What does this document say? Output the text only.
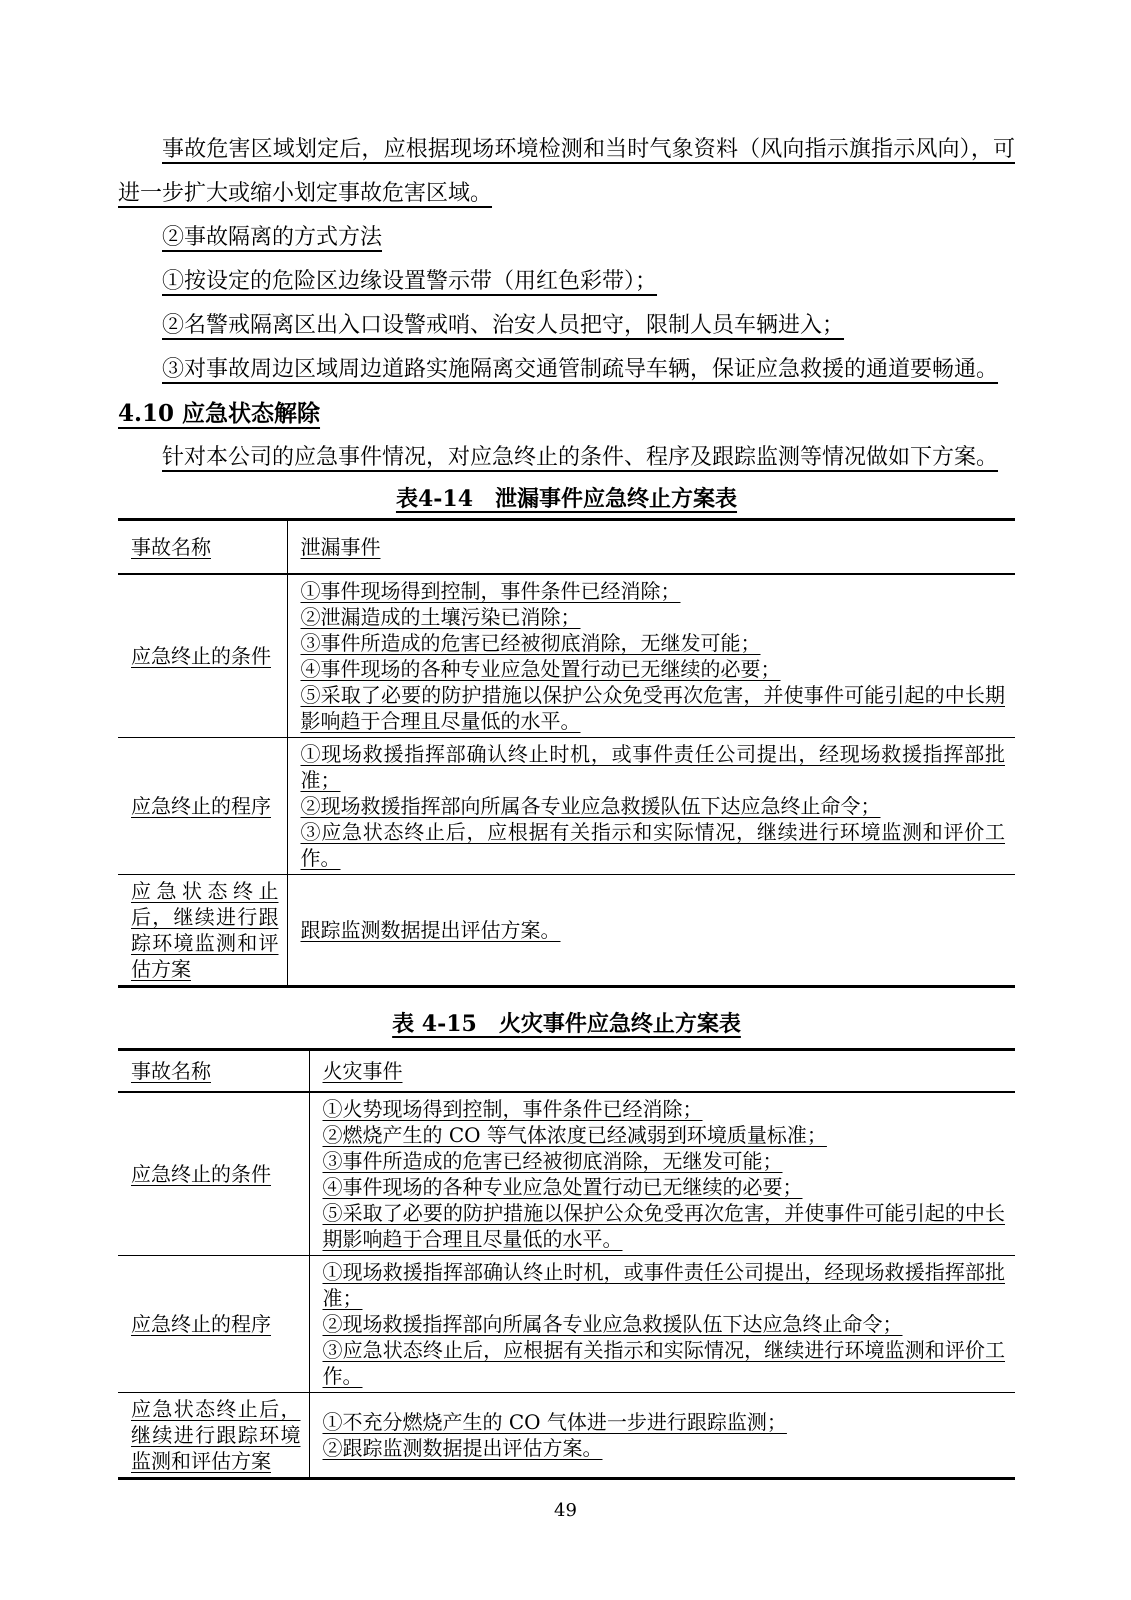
事故危害区域划定后，应根据现场环境检测和当时气象资料（风向指示旗指示风向），可进一步扩大或缩小划定事故危害区域。

②事故隔离的方式方法

①按设定的危险区边缘设置警示带（用红色彩带）；

②名警戒隔离区出入口设警戒哨、治安人员把守，限制人员车辆进入；

③对事故周边区域周边道路实施隔离交通管制疏导车辆，保证应急救援的通道要畅通。

4.10 应急状态解除

针对本公司的应急事件情况，对应急终止的条件、程序及跟踪监测等情况做如下方案。

表4-14　泄漏事件应急终止方案表
事故名称	泄漏事件

应急终止的条件	①事件现场得到控制，事件条件已经消除；
②泄漏造成的土壤污染已消除；
③事件所造成的危害已经被彻底消除，无继发可能；
④事件现场的各种专业应急处置行动已无继续的必要；
⑤采取了必要的防护措施以保护公众免受再次危害，并使事件可能引起的中长期影响趋于合理且尽量低的水平。

应急终止的程序	①现场救援指挥部确认终止时机，或事件责任公司提出，经现场救援指挥部批准；
②现场救援指挥部向所属各专业应急救援队伍下达应急终止命令；
③应急状态终止后，应根据有关指示和实际情况，继续进行环境监测和评价工作。

应急状态终止后，继续进行跟踪环境监测和评估方案	跟踪监测数据提出评估方案。
表 4-15　火灾事件应急终止方案表
事故名称	火灾事件

应急终止的条件	①火势现场得到控制，事件条件已经消除；
②燃烧产生的 CO 等气体浓度已经减弱到环境质量标准；
③事件所造成的危害已经被彻底消除，无继发可能；
④事件现场的各种专业应急处置行动已无继续的必要；
⑤采取了必要的防护措施以保护公众免受再次危害，并使事件可能引起的中长期影响趋于合理且尽量低的水平。

应急终止的程序	①现场救援指挥部确认终止时机，或事件责任公司提出，经现场救援指挥部批准；
②现场救援指挥部向所属各专业应急救援队伍下达应急终止命令；
③应急状态终止后，应根据有关指示和实际情况，继续进行环境监测和评价工作。

应急状态终止后，继续进行跟踪环境监测和评估方案	①不充分燃烧产生的 CO 气体进一步进行跟踪监测；
②跟踪监测数据提出评估方案。
49
